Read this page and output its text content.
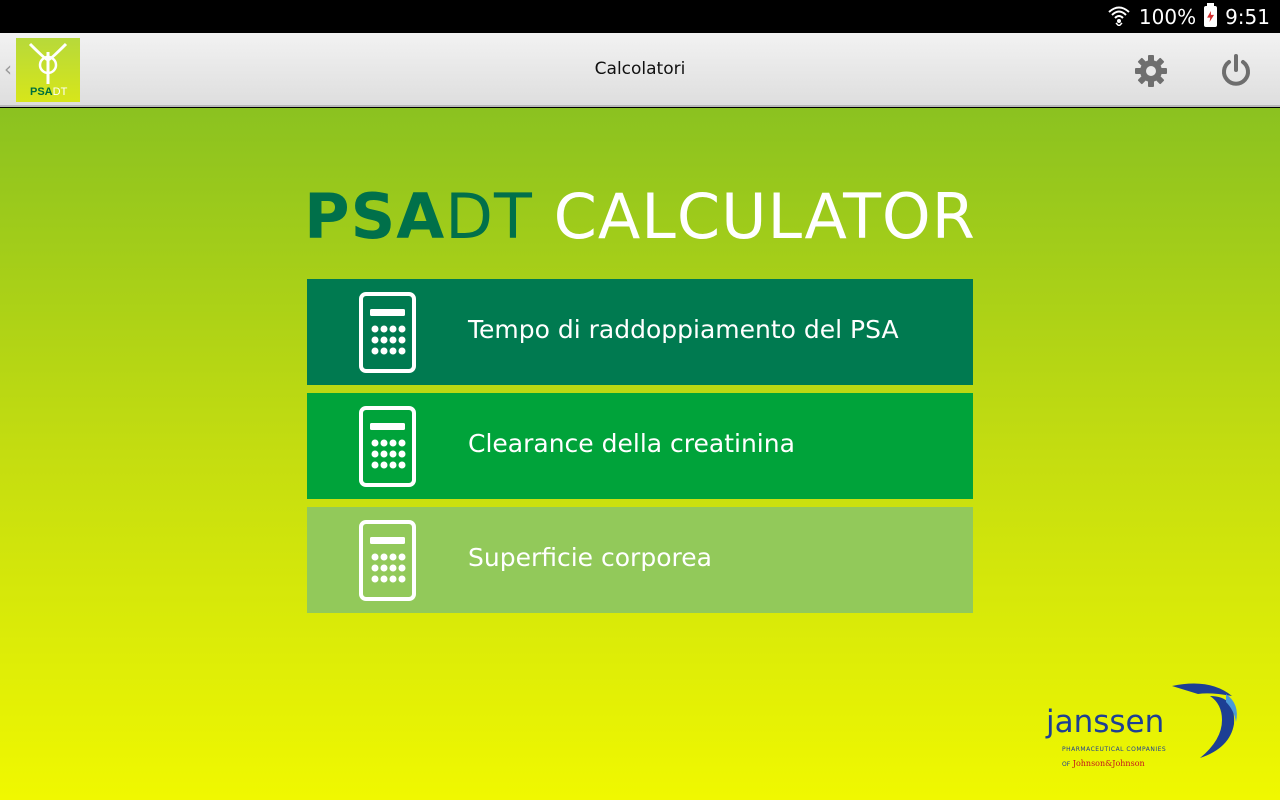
100% 9:51
‹
PSADT
Calcolatori
PSADT CALCULATOR
Tempo di raddoppiamento del PSA
Clearance della creatinina
Superficie corporea
janssen
PHARMACEUTICAL COMPANIES
OF Johnson&Johnson
